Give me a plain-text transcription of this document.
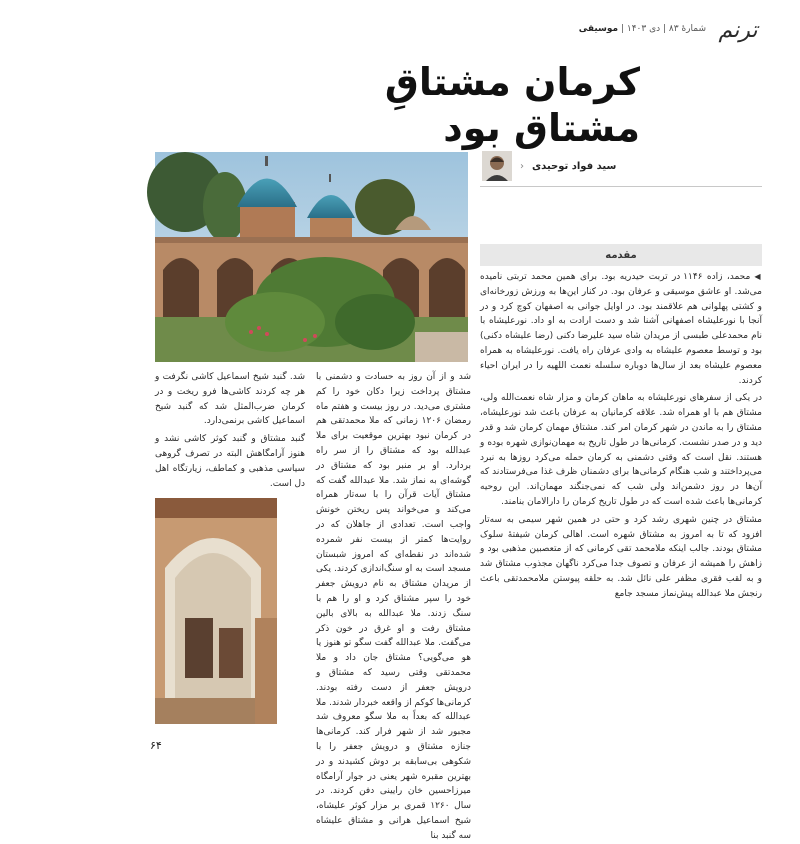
ترنم
شمارهٔ ۸۳ | دی ۱۴۰۳ | موسیقی
کرمان مشتاقِ مشتاق بود
سید فواد توحیدی
‹
مقدمه

◀ محمد، زاده ۱۱۴۶ در تربت حیدریه بود. برای همین محمد تربتی نامیده می‌شد. او عاشق موسیقی و عرفان بود. در کنار این‌ها به ورزش زورخانه‌ای و کشتی پهلوانی هم علاقمند بود. در اوایل جوانی به اصفهان کوچ کرد و در آنجا با نورعلیشاه اصفهانی آشنا شد و دست ارادت به او داد. نورعلیشاه با نام محمدعلی طبسی از مریدان شاه سید علیرضا دکنی (رضا علیشاه دکنی) بود و توسط معصوم علیشاه به وادی عرفان راه یافت. نورعلیشاه به همراه معصوم علیشاه بعد از سال‌ها دوباره سلسله نعمت اللهیه را در ایران احیاء کردند.

در یکی از سفرهای نورعلیشاه به ماهان کرمان و مزار شاه نعمت‌الله ولی، مشتاق هم با او همراه شد. علاقه کرمانیان به عرفان باعث شد نورعلیشاه، مشتاق را به ماندن در شهر کرمان امر کند. مشتاق مهمان کرمان شد و قدر دید و در صدر نشست. کرمانی‌ها در طول تاریخ به مهمان‌نوازی شهره بوده و هستند. نقل است که وقتی دشمنی به کرمان حمله می‌کرد روزها به نبرد می‌پرداختند و شب هنگام کرمانی‌ها برای دشمنان ظرف غذا می‌فرستادند که آن‌ها در روز دشمن‌اند ولی شب که نمی‌جنگند مهمان‌اند. این روحیه کرمانی‌ها باعث شده است که در طول تاریخ کرمان را دارالامان بنامند.

مشتاق در چنین شهری رشد کرد و حتی در همین شهر سیمی به سه‌تار افزود که تا به امروز به مشتاق شهره است. اهالی کرمان شیفتهٔ سلوک مشتاق بودند. جالب اینکه ملامحمد تقی کرمانی که از متعصبین مذهبی بود و زاهش را همیشه از عرفان و تصوف جدا می‌کرد ناگهان مجذوب مشتاق شد و به لقب فقری مظفر علی نائل شد. به حلقه پیوستن ملامحمدتقی باعث رنجش ملا عبدالله پیش‌نماز مسجد جامع

شد و از آن روز به حسادت و دشمنی با مشتاق پرداخت زیرا دکان خود را کم مشتری می‌دید. در روز بیست و هفتم ماه رمضان ۱۲۰۶ زمانی که ملا محمدتقی هم در کرمان نبود بهترین موقعیت برای ملا عبدالله بود که مشتاق را از سر راه بردارد. او بر منبر بود که مشتاق در گوشه‌ای به نماز شد. ملا عبدالله گفت که مشتاق آیات قرآن را با سه‌تار همراه می‌کند و می‌خواند پس ریختن خونش واجب است. تعدادی از جاهلان که در روایت‌ها کمتر از بیست نفر شمرده شده‌اند در نقطه‌ای که امروز شبستان مسجد است به او سنگ‌اندازی کردند. یکی از مریدان مشتاق به نام درویش جعفر خود را سپر مشتاق کرد و او را هم با سنگ زدند. ملا عبدالله به بالای بالین مشتاق رفت و او غرق در خون ذکر می‌گفت. ملا عبدالله گفت سگو تو هنوز یا هو می‌گویی؟ مشتاق جان داد و ملا محمدتقی وقتی رسید که مشتاق و درویش جعفر از دست رفته بودند. کرمانی‌ها کوکم از واقعه خبردار شدند. ملا عبدالله که بعداً به ملا سگو معروف شد مجبور شد از شهر فرار کند. کرمانی‌ها جنازه مشتاق و درویش جعفر را با شکوهی بی‌سابقه بر دوش کشیدند و در بهترین مقبره شهر یعنی در جوار آرامگاه میرزاحسین خان رایینی دفن کردند. در سال ۱۲۶۰ قمری بر مزار کوثر علیشاه، شیخ اسماعیل هرانی و مشتاق علیشاه سه گنبد بنا

شد. گنبد شیخ اسماعیل کاشی نگرفت و هر چه کردند کاشی‌ها فرو ریخت و در کرمان ضرب‌المثل شد که گنبد شیخ اسماعیل کاشی برنمی‌دارد.

گنبد مشتاق و گنبد کوثر کاشی نشد و هنوز آرامگاهش البته در تصرف گروهی سیاسی مذهبی و کماطف، زیارتگاه اهل دل است.

۶۴
